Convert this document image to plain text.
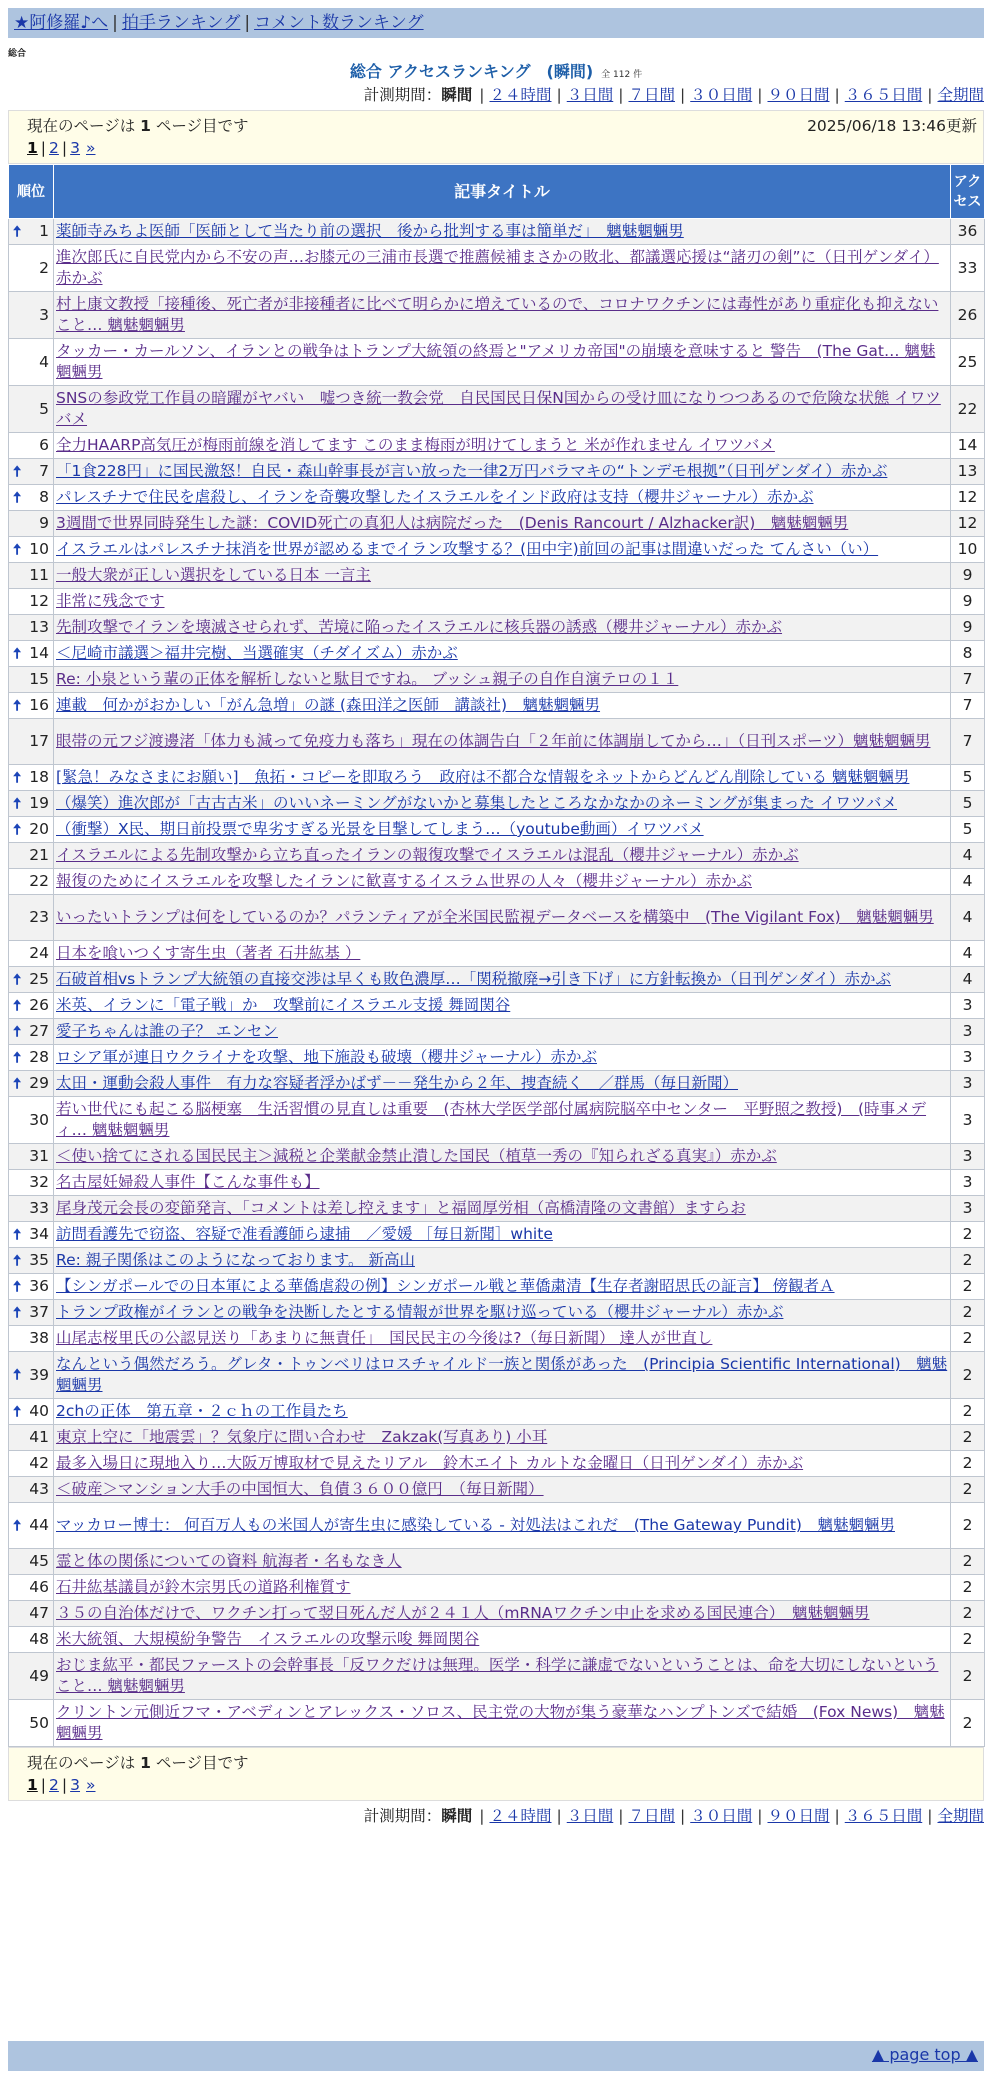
★阿修羅♪へ | 拍手ランキング | コメント数ランキング
総合
総合 アクセスランキング　(瞬間) 全 112 件
計測期間：瞬間 | ２４時間 | ３日間 | ７日間 | ３０日間 | ９０日間 | ３６５日間 | 全期間
現在のページは 1 ページ目です	2025/06/18 13:46更新
1 | 2 | 3 »
順位	記事タイトル	アクセス

🠅 1	薬師寺みちよ医師「医師として当たり前の選択　後から批判する事は簡単だ」　魑魅魍魎男	36
2	進次郎氏に自民党内から不安の声…お膝元の三浦市長選で推薦候補まさかの敗北、都議選応援は“諸刃の剣”に（日刊ゲンダイ）赤かぶ	33
3	村上康文教授「接種後、死亡者が非接種者に比べて明らかに増えているので、コロナワクチンには毒性があり重症化も抑えないこと… 魑魅魍魎男	26
4	タッカー・カールソン、イランとの戦争はトランプ大統領の終焉と"アメリカ帝国"の崩壊を意味すると 警告　(The Gat… 魑魅魍魎男	25
5	SNSの参政党工作員の暗躍がヤバい　嘘つき統一教会党　自民国民日保N国からの受け皿になりつつあるので危険な状態 イワツバメ	22
6	全力HAARP高気圧が梅雨前線を消してます このまま梅雨が明けてしまうと 米が作れません イワツバメ	14

🠅 7	「1食228円」に国民激怒！自民・森山幹事長が言い放った一律2万円バラマキの“トンデモ根拠”（日刊ゲンダイ）赤かぶ	13

🠅 8	パレスチナで住民を虐殺し、イランを奇襲攻撃したイスラエルをインド政府は支持（櫻井ジャーナル）赤かぶ	12
9	3週間で世界同時発生した謎：COVID死亡の真犯人は病院だった　(Denis Rancourt / Alzhacker訳)　魑魅魍魎男	12

🠅 10	イスラエルはパレスチナ抹消を世界が認めるまでイラン攻撃する？(田中宇)前回の記事は間違いだった てんさい（い）	10
11	一般大衆が正しい選択をしている日本 一言主	9
12	非常に残念です	9
13	先制攻撃でイランを壊滅させられず、苦境に陥ったイスラエルに核兵器の誘惑（櫻井ジャーナル）赤かぶ	9

🠅 14	＜尼崎市議選＞福井完樹、当選確実（チダイズム）赤かぶ	8
15	Re: 小泉という輩の正体を解析しないと駄目ですね。 ブッシュ親子の自作自演テロの１１	7

🠅 16	連載　何かがおかしい「がん急増」の謎 (森田洋之医師　講談社)　魑魅魍魎男	7
17	眼帯の元フジ渡邊渚「体力も減って免疫力も落ち」現在の体調告白「２年前に体調崩してから…」（日刊スポーツ）魑魅魍魎男	7

🠅 18	[緊急！みなさまにお願い]　魚拓・コピーを即取ろう　政府は不都合な情報をネットからどんどん削除している 魑魅魍魎男	5

🠅 19	（爆笑）進次郎が「古古古米」のいいネーミングがないかと募集したところなかなかのネーミングが集まった イワツバメ	5

🠅 20	（衝撃）X民、期日前投票で卑劣すぎる光景を目撃してしまう…（youtube動画）イワツバメ	5
21	イスラエルによる先制攻撃から立ち直ったイランの報復攻撃でイスラエルは混乱（櫻井ジャーナル）赤かぶ	4
22	報復のためにイスラエルを攻撃したイランに歓喜するイスラム世界の人々（櫻井ジャーナル）赤かぶ	4
23	いったいトランプは何をしているのか？パランティアが全米国民監視データベースを構築中　(The Vigilant Fox)　魑魅魍魎男	4
24	日本を喰いつくす寄生虫（著者 石井紘基 ）	4

🠅 25	石破首相vsトランプ大統領の直接交渉は早くも敗色濃厚…「関税撤廃→引き下げ」に方針転換か（日刊ゲンダイ）赤かぶ	4

🠅 26	米英、イランに「電子戦」か　攻撃前にイスラエル支援 舞岡関谷	3

🠅 27	愛子ちゃんは誰の子？ エンセン	3

🠅 28	ロシア軍が連日ウクライナを攻撃、地下施設も破壊（櫻井ジャーナル）赤かぶ	3

🠅 29	太田・運動会殺人事件　有力な容疑者浮かばず－－発生から２年、捜査続く　／群馬（毎日新聞）	3
30	若い世代にも起こる脳梗塞　生活習慣の見直しは重要　(杏林大学医学部付属病院脳卒中センター　平野照之教授)　(時事メディ… 魑魅魍魎男	3
31	＜使い捨てにされる国民民主＞減税と企業献金禁止潰した国民（植草一秀の『知られざる真実』）赤かぶ	3
32	名古屋妊婦殺人事件【こんな事件も】	3
33	尾身茂元会長の変節発言、「コメントは差し控えます」と福岡厚労相（高橋清隆の文書館）ますらお	3

🠅 34	訪問看護先で窃盗、容疑で准看護師ら逮捕　／愛媛 ［毎日新聞］white	2

🠅 35	Re: 親子関係はこのようになっております。 新高山	2

🠅 36	【シンガポールでの日本軍による華僑虐殺の例】シンガポール戦と華僑粛清【生存者謝昭思氏の証言】 傍観者Ａ	2

🠅 37	トランプ政権がイランとの戦争を決断したとする情報が世界を駆け巡っている（櫻井ジャーナル）赤かぶ	2
38	山尾志桜里氏の公認見送り「あまりに無責任」　国民民主の今後は?（毎日新聞） 達人が世直し	2

🠅 39	なんという偶然だろう。グレタ・トゥンベリはロスチャイルド一族と関係があった　(Principia Scientific International)　魑魅魍魎男	2

🠅 40	2chの正体　第五章・２ｃｈの工作員たち	2
41	東京上空に「地震雲」？気象庁に問い合わせ　Zakzak(写真あり) 小耳	2
42	最多入場日に現地入り…大阪万博取材で見えたリアル　鈴木エイト カルトな金曜日（日刊ゲンダイ）赤かぶ	2
43	＜破産＞マンション大手の中国恒大、負債３６００億円　（毎日新聞）	2

🠅 44	マッカロー博士： 何百万人もの米国人が寄生虫に感染している - 対処法はこれだ　(The Gateway Pundit)　魑魅魍魎男	2
45	霊と体の関係についての資料 航海者・名もなき人	2
46	石井紘基議員が鈴木宗男氏の道路利権質す	2
47	３５の自治体だけで、ワクチン打って翌日死んだ人が２４１人（mRNAワクチン中止を求める国民連合）　魑魅魍魎男	2
48	米大統領、大規模紛争警告　イスラエルの攻撃示唆 舞岡関谷	2
49	おじま紘平・都民ファーストの会幹事長「反ワクだけは無理。医学・科学に謙虚でないということは、命を大切にしないということ… 魑魅魍魎男	2
50	クリントン元側近フマ・アベディンとアレックス・ソロス、民主党の大物が集う豪華なハンプトンズで結婚　(Fox News)　魑魅魍魎男	2
現在のページは 1 ページ目です
1 | 2 | 3 »
計測期間：瞬間 | ２４時間 | ３日間 | ７日間 | ３０日間 | ９０日間 | ３６５日間 | 全期間
▲ page top ▲
